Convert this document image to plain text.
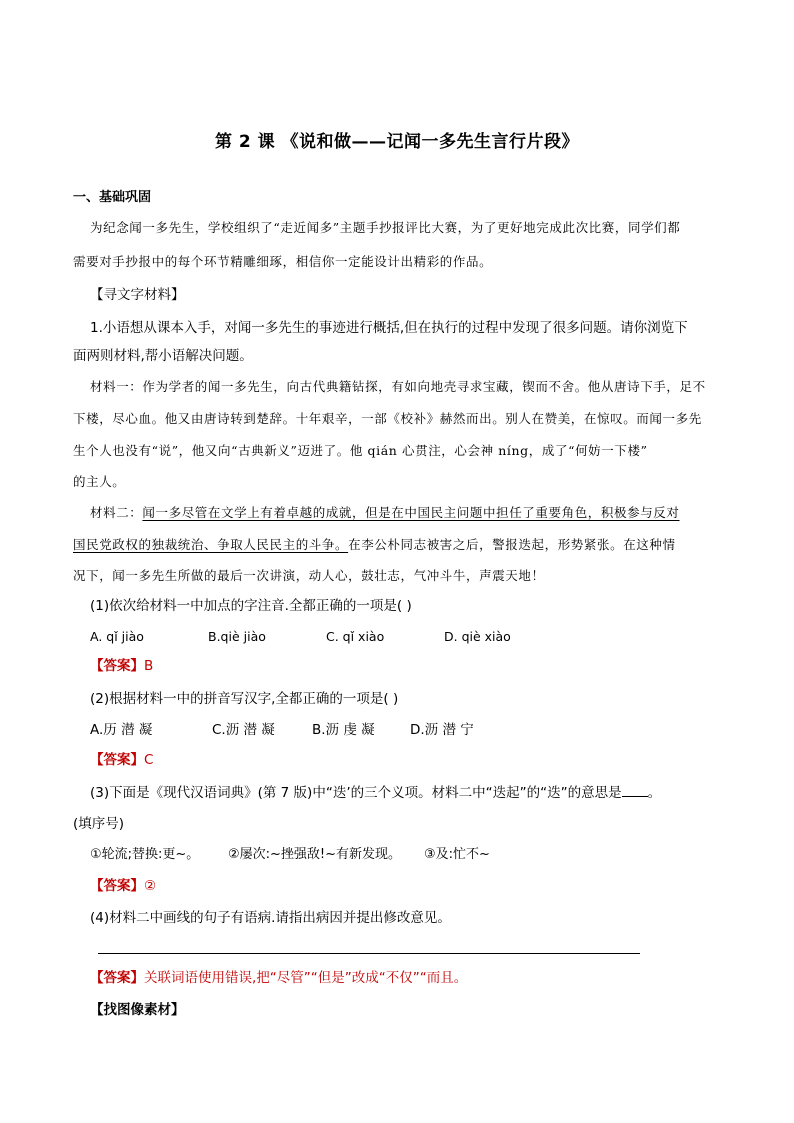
第 2 课 《说和做——记闻一多先生言行片段》
一、基础巩固
为纪念闻一多先生，学校组织了“走近闻多”主题手抄报评比大赛，为了更好地完成此次比赛，同学们都
需要对手抄报中的每个环节精雕细琢，相信你一定能设计出精彩的作品。
【寻文字材料】
1.小语想从课本入手，对闻一多先生的事迹进行概括,但在执行的过程中发现了很多问题。请你浏览下
面两则材料,帮小语解决问题。
材料一：作为学者的闻一多先生，向古代典籍钻探，有如向地壳寻求宝藏，锲而不舍。他从唐诗下手，足不
下楼，尽心血。他又由唐诗转到楚辞。十年艰辛，一部《校补》赫然而出。别人在赞美，在惊叹。而闻一多先
生个人也没有“说”，他又向“古典新义”迈进了。他 qián 心贯注，心会神 níng，成了“何妨一下楼”
的主人。
材料二：闻一多尽管在文学上有着卓越的成就，但是在中国民主问题中担任了重要角色，积极参与反对
国民党政权的独裁统治、争取人民民主的斗争。在李公朴同志被害之后，警报迭起，形势紧张。在这种情
况下，闻一多先生所做的最后一次讲演，动人心，鼓壮志，气冲斗牛，声震天地！
(1)依次给材料一中加点的字注音.全都正确的一项是( )
A. qǐ jiào	B.qiè jiào	C. qǐ xiào	D. qiè xiào
【答案】B
(2)根据材料一中的拼音写汉字,全都正确的一项是( )
A.历 潜 凝	C.沥 潜 凝	B.沥 虔 凝	D.沥 潜 宁
【答案】C
(3)下面是《现代汉语词典》(第 7 版)中“迭’的三个义项。材料二中“迭起”的“迭”的意思是 。
(填序号)
①轮流;替换:更~。 ②屡次:~挫强敌!~有新发现。 ③及:忙不~
【答案】②
(4)材料二中画线的句子有语病.请指出病因并提出修改意见。
【答案】关联词语使用错误,把“尽管”“但是”改成“不仅”“而且。
【找图像素材】
